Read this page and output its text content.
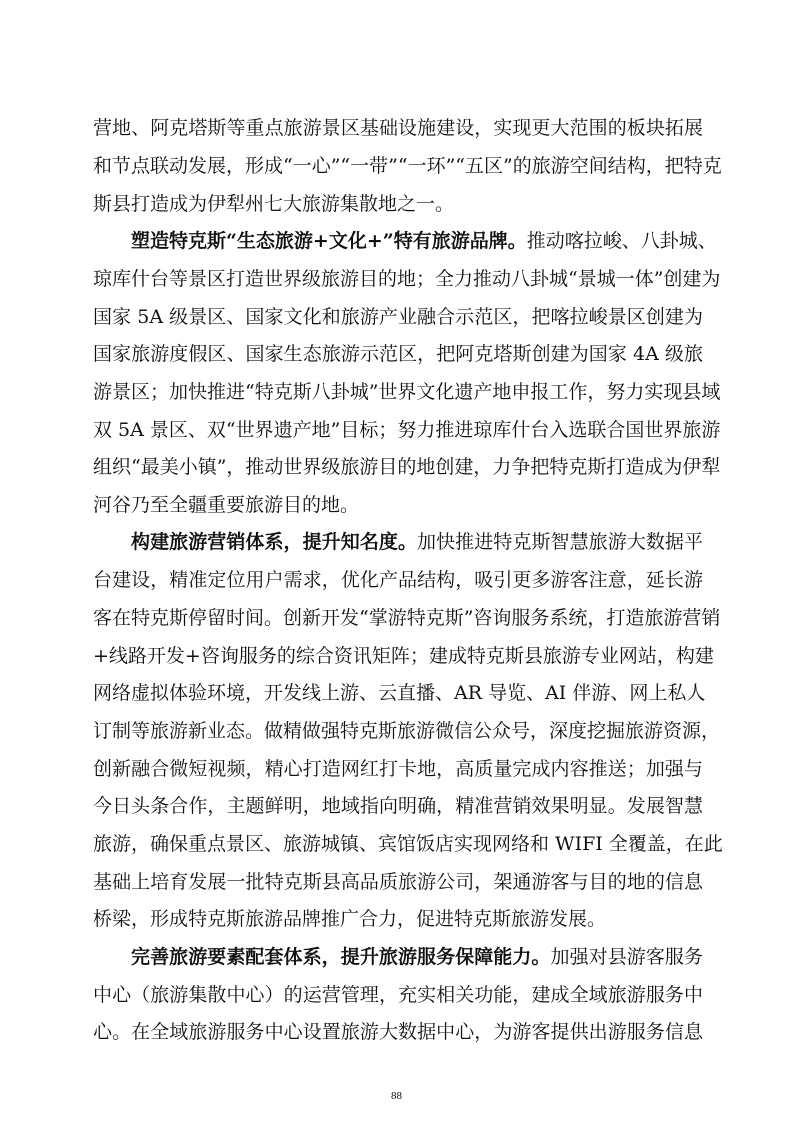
营地、阿克塔斯等重点旅游景区基础设施建设，实现更大范围的板块拓展
和节点联动发展，形成“一心”“一带”“一环”“五区”的旅游空间结构，把特克
斯县打造成为伊犁州七大旅游集散地之一。
塑造特克斯“生态旅游+文化+”特有旅游品牌。推动喀拉峻、八卦城、
琼库什台等景区打造世界级旅游目的地；全力推动八卦城“景城一体”创建为
国家 5A 级景区、国家文化和旅游产业融合示范区，把喀拉峻景区创建为
国家旅游度假区、国家生态旅游示范区，把阿克塔斯创建为国家 4A 级旅
游景区；加快推进“特克斯八卦城”世界文化遗产地申报工作，努力实现县域
双 5A 景区、双“世界遗产地”目标；努力推进琼库什台入选联合国世界旅游
组织“最美小镇”，推动世界级旅游目的地创建，力争把特克斯打造成为伊犁
河谷乃至全疆重要旅游目的地。
构建旅游营销体系，提升知名度。加快推进特克斯智慧旅游大数据平
台建设，精准定位用户需求，优化产品结构，吸引更多游客注意，延长游
客在特克斯停留时间。创新开发“掌游特克斯”咨询服务系统，打造旅游营销
+线路开发+咨询服务的综合资讯矩阵；建成特克斯县旅游专业网站，构建
网络虚拟体验环境，开发线上游、云直播、AR 导览、AI 伴游、网上私人
订制等旅游新业态。做精做强特克斯旅游微信公众号，深度挖掘旅游资源，
创新融合微短视频，精心打造网红打卡地，高质量完成内容推送；加强与
今日头条合作，主题鲜明，地域指向明确，精准营销效果明显。发展智慧
旅游，确保重点景区、旅游城镇、宾馆饭店实现网络和 WIFI 全覆盖，在此
基础上培育发展一批特克斯县高品质旅游公司，架通游客与目的地的信息
桥梁，形成特克斯旅游品牌推广合力，促进特克斯旅游发展。
完善旅游要素配套体系，提升旅游服务保障能力。加强对县游客服务
中心（旅游集散中心）的运营管理，充实相关功能，建成全域旅游服务中
心。在全域旅游服务中心设置旅游大数据中心，为游客提供出游服务信息
88
